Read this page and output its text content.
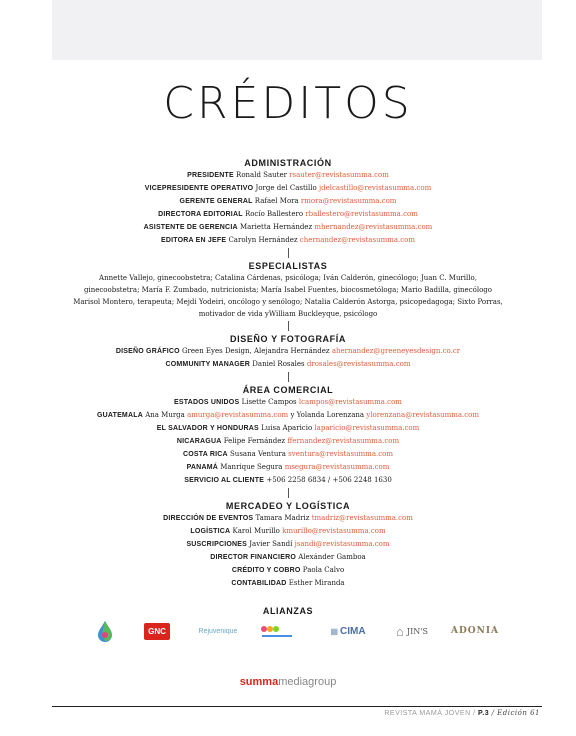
CRÉDITOS
ADMINISTRACIÓN
PRESIDENTE Ronald Sauter rsauter@revistasumma.com
VICEPRESIDENTE OPERATIVO Jorge del Castillo jdelcastillo@revistasumma.com
GERENTE GENERAL Rafael Mora rmora@revistasumma.com
DIRECTORA EDITORIAL Rocío Ballestero rballestero@revistasumma.com
ASISTENTE DE GERENCIA Marietta Hernández mhernandez@revistasumma.com
EDITORA EN JEFE Carolyn Hernández chernandez@revistasumma.com
ESPECIALISTAS
Annette Vallejo, ginecoobstetra; Catalina Cárdenas, psicóloga; Iván Calderón, ginecólogo; Juan C. Murillo, ginecoobstetra; María F. Zumbado, nutricionista; María Isabel Fuentes, biocosmetóloga; Mario Badilla, ginecólogo Marisol Montero, terapeuta; Mejdi Yodeiri, oncólogo y senólogo; Natalia Calderón Astorga, psicopedagoga; Sixto Porras, motivador de vida yWilliam Buckleyque, psicólogo
DISEÑO Y FOTOGRAFÍA
DISEÑO GRÁFICO Green Eyes Design, Alejandra Hernández ahernandez@greeneyesdesign.co.cr
COMMUNITY MANAGER Daniel Rosales drosales@revistasumma.com
ÁREA COMERCIAL
ESTADOS UNIDOS Lisette Campos lcampos@revistasumma.com
GUATEMALA Ana Murga amurga@revistasumma.com y Yolanda Lorenzana ylorenzana@revistasumma.com
EL SALVADOR Y HONDURAS Luisa Aparicio laparicio@revistasumma.com
NICARAGUA Felipe Fernández ffernandez@revistasumma.com
COSTA RICA Susana Ventura sventura@revistasumma.com
PANAMÁ Manrique Segura msegura@revistasumma.com
SERVICIO AL CLIENTE +506 2258 6834 / +506 2248 1630
MERCADEO Y LOGÍSTICA
DIRECCIÓN DE EVENTOS Tamara Madriz tmadriz@revistasumma.com
LOGÍSTICA Karol Murillo kmurillo@revistasumma.com
SUSCRIPCIONES Javier Sandí jsandi@revistasumma.com
DIRECTOR FINANCIERO Alexánder Gamboa
CRÉDITO Y COBRO Paola Calvo
CONTABILIDAD Esther Miranda
ALIANZAS
GNC	Rejuvenique	▦ CIMA ⌂ JIN'S	ADONIA
summamediagroup
REVISTA MAMÁ JOVEN / P.3 / Edición 61
